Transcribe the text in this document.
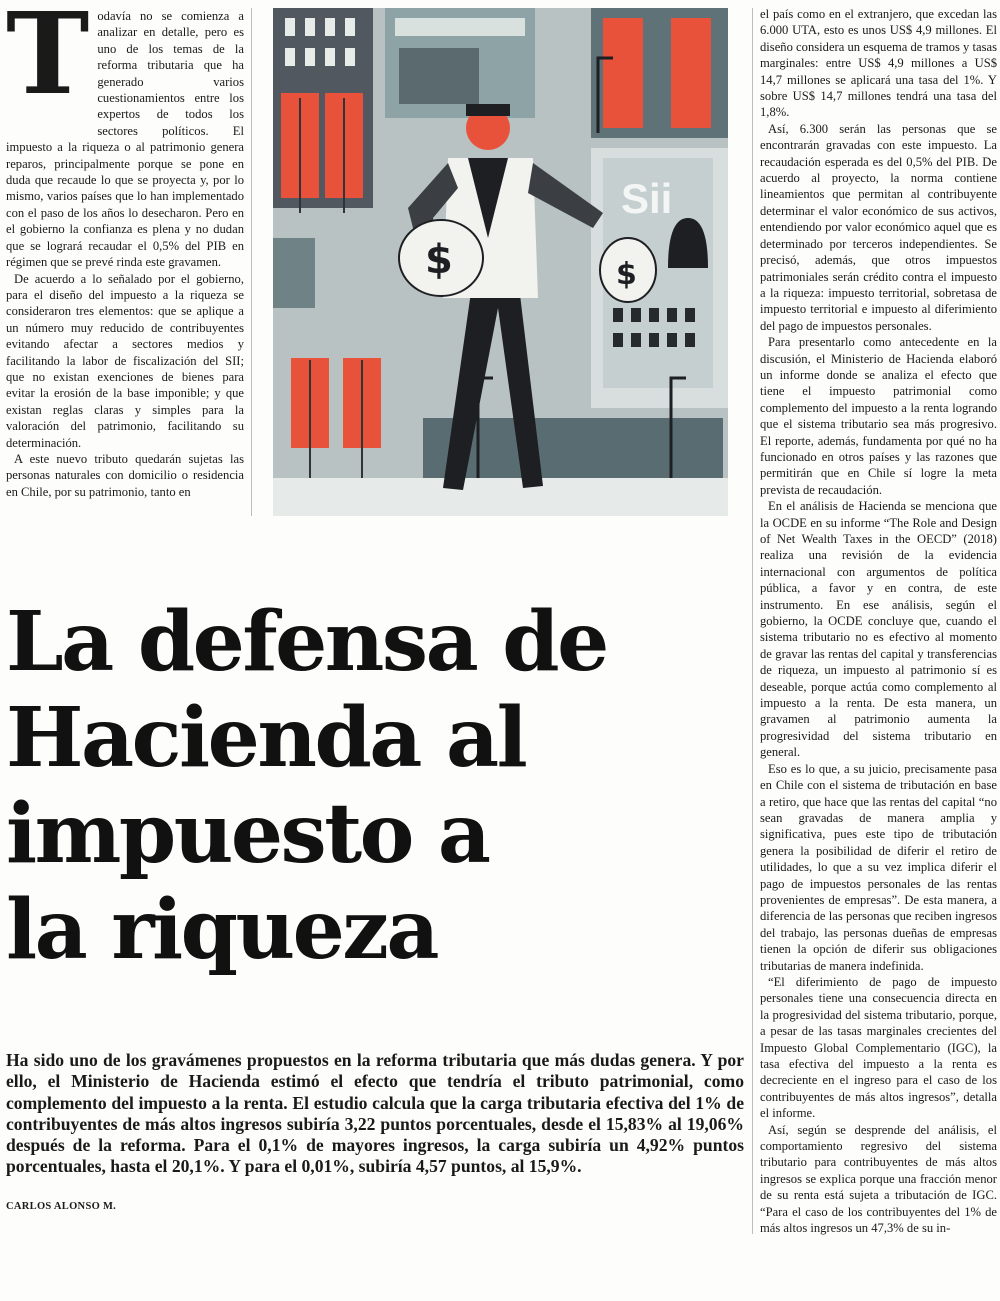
Todavía no se comienza a analizar en detalle, pero es uno de los temas de la reforma tributaria que ha generado varios cuestionamientos entre los expertos de todos los sectores políticos. El impuesto a la riqueza o al patrimonio genera reparos, principalmente porque se pone en duda que recaude lo que se proyecta y, por lo mismo, varios países que lo han implementado con el paso de los años lo desecharon. Pero en el gobierno la confianza es plena y no dudan que se logrará recaudar el 0,5% del PIB en régimen que se prevé rinda este gravamen.

De acuerdo a lo señalado por el gobierno, para el diseño del impuesto a la riqueza se consideraron tres elementos: que se aplique a un número muy reducido de contribuyentes evitando afectar a sectores medios y facilitando la labor de fiscalización del SII; que no existan exenciones de bienes para evitar la erosión de la base imponible; y que existan reglas claras y simples para la valoración del patrimonio, facilitando su determinación.

A este nuevo tributo quedarán sujetas las personas naturales con domicilio o residencia en Chile, por su patrimonio, tanto en

Sii
$	$
La defensa de
Hacienda al
impuesto a
la riqueza

Ha sido uno de los gravámenes propuestos en la reforma tributaria que más dudas genera. Y por ello, el Ministerio de Hacienda estimó el efecto que tendría el tributo patrimonial, como complemento del impuesto a la renta. El estudio calcula que la carga tributaria efectiva del 1% de contribuyentes de más altos ingresos subiría 3,22 puntos porcentuales, desde el 15,83% al 19,06% después de la reforma. Para el 0,1% de mayores ingresos, la carga subiría un 4,92% puntos porcentuales, hasta el 20,1%. Y para el 0,01%, subiría 4,57 puntos, al 15,9%.

CARLOS ALONSO M.

el país como en el extranjero, que excedan las 6.000 UTA, esto es unos US$ 4,9 millones. El diseño considera un esquema de tramos y tasas marginales: entre US$ 4,9 millones a US$ 14,7 millones se aplicará una tasa del 1%. Y sobre US$ 14,7 millones tendrá una tasa del 1,8%.

Así, 6.300 serán las personas que se encontrarán gravadas con este impuesto. La recaudación esperada es del 0,5% del PIB. De acuerdo al proyecto, la norma contiene lineamientos que permitan al contribuyente determinar el valor económico de sus activos, entendiendo por valor económico aquel que es determinado por terceros independientes. Se precisó, además, que otros impuestos patrimoniales serán crédito contra el impuesto a la riqueza: impuesto territorial, sobretasa de impuesto territorial e impuesto al diferimiento del pago de impuestos personales.

Para presentarlo como antecedente en la discusión, el Ministerio de Hacienda elaboró un informe donde se analiza el efecto que tiene el impuesto patrimonial como complemento del impuesto a la renta logrando que el sistema tributario sea más progresivo. El reporte, además, fundamenta por qué no ha funcionado en otros países y las razones que permitirán que en Chile sí logre la meta prevista de recaudación.

En el análisis de Hacienda se menciona que la OCDE en su informe “The Role and Design of Net Wealth Taxes in the OECD” (2018) realiza una revisión de la evidencia internacional con argumentos de política pública, a favor y en contra, de este instrumento. En ese análisis, según el gobierno, la OCDE concluye que, cuando el sistema tributario no es efectivo al momento de gravar las rentas del capital y transferencias de riqueza, un impuesto al patrimonio sí es deseable, porque actúa como complemento al impuesto a la renta. De esta manera, un gravamen al patrimonio aumenta la progresividad del sistema tributario en general.

Eso es lo que, a su juicio, precisamente pasa en Chile con el sistema de tributación en base a retiro, que hace que las rentas del capital “no sean gravadas de manera amplia y significativa, pues este tipo de tributación genera la posibilidad de diferir el retiro de utilidades, lo que a su vez implica diferir el pago de impuestos personales de las rentas provenientes de empresas”. De esta manera, a diferencia de las personas que reciben ingresos del trabajo, las personas dueñas de empresas tienen la opción de diferir sus obligaciones tributarias de manera indefinida.

“El diferimiento de pago de impuesto personales tiene una consecuencia directa en la progresividad del sistema tributario, porque, a pesar de las tasas marginales crecientes del Impuesto Global Complementario (IGC), la tasa efectiva del impuesto a la renta es decreciente en el ingreso para el caso de los contribuyentes de más altos ingresos”, detalla el informe.

Así, según se desprende del análisis, el comportamiento regresivo del sistema tributario para contribuyentes de más altos ingresos se explica porque una fracción menor de su renta está sujeta a tributación de IGC. “Para el caso de los contribuyentes del 1% de más altos ingresos un 47,3% de su in-
